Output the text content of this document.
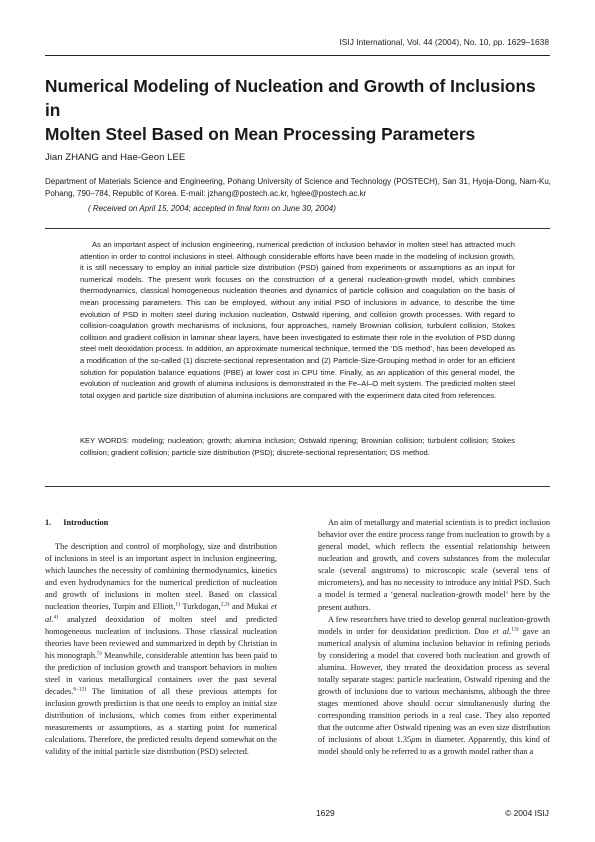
ISIJ International, Vol. 44 (2004), No. 10, pp. 1629–1638
Numerical Modeling of Nucleation and Growth of Inclusions in
Molten Steel Based on Mean Processing Parameters
Jian ZHANG and Hae-Geon LEE
Department of Materials Science and Engineering, Pohang University of Science and Technology (POSTECH), San 31, Hyoja-Dong, Nam-Ku, Pohang, 790–784, Republic of Korea. E-mail: jzhang@postech.ac.kr, hglee@postech.ac.kr
( Received on April 15, 2004; accepted in final form on June 30, 2004)

As an important aspect of inclusion engineering, numerical prediction of inclusion behavior in molten steel has attracted much attention in order to control inclusions in steel. Although considerable efforts have been made in the modeling of inclusion growth, it is still necessary to employ an initial particle size distribution (PSD) gained from experiments or assumptions as an input for numerical models. The present work focuses on the construction of a general nucleation-growth model, which combines thermodynamics, classical homogeneous nucleation theories and dynamics of particle collision and coagulation on the basis of mean processing parameters. This can be employed, without any initial PSD of inclusions in advance, to describe the time evolution of PSD in molten steel during inclusion nucleation, Ostwald ripening, and collision growth processes. With regard to collision-coagulation growth mechanisms of inclusions, four approaches, namely Brownian collision, turbulent collision, Stokes collision and gradient collision in laminar shear layers, have been investigated to estimate their role in the evolution of PSD during steel melt deoxidation process. In addition, an approximate numerical technique, termed the ‘DS method’, has been developed as a modification of the so-called (1) discrete-sectional representation and (2) Particle-Size-Grouping method in order for an efficient solution for population balance equations (PBE) at lower cost in CPU time. Finally, as an application of this general model, the evolution of nucleation and growth of alumina inclusions is demonstrated in the Fe–Al–O melt system. The predicted molten steel total oxygen and particle size distribution of alumina inclusions are compared with the experiment data cited from references.

KEY WORDS: modeling; nucleation; growth; alumina inclusion; Ostwald ripening; Brownian collision; turbulent collision; Stokes collision; gradient collision; particle size distribution (PSD); discrete-sectional representation; DS method.

1. Introduction

The description and control of morphology, size and distribution of inclusions in steel is an important aspect in inclusion engineering, which launches the necessity of combining thermodynamics, kinetics and even hydrodynamics for the numerical prediction of nucleation and growth of inclusions in molten steel. Based on classical nucleation theories, Turpin and Elliott,$^{1)}$ Turkdogan,$^{2,3)}$ and Mukai et al.$^{4)}$ analyzed deoxidation of molten steel and predicted homogeneous nucleation of inclusions. Those classical nucleation theories have been reviewed and summarized in depth by Christian in his monograph.$^{5)}$ Meanwhile, considerable attention has been paid to the prediction of inclusion growth and transport behaviors in molten steel in various metallurgical containers over the past several decades.$^{6-12)}$ The limitation of all these previous attempts for inclusion growth prediction is that one needs to employ an initial size distribution of inclusions, which comes from either experimental measurements or assumptions, as a starting point for numerical calculations. Therefore, the predicted results depend somewhat on the validity of the initial particle size distribution (PSD) selected.

An aim of metallurgy and material scientists is to predict inclusion behavior over the entire process range from nucleation to growth by a general model, which reflects the essential relationship between nucleation and growth, and covers substances from the molecular scale (several angstroms) to microscopic scale (several tens of micrometers), and has no necessity to introduce any initial PSD. Such a model is termed a ‘general nucleation-growth model’ here by the present authors.

A few researchers have tried to develop general nucleation-growth models in order for deoxidation prediction. Doo et al.$^{13)}$ gave an numerical analysis of alumina inclusion behavior in refining periods by considering a model that covered both nucleation and growth of alumina. However, they treated the deoxidation process as several totally separate stages: particle nucleation, Ostwald ripening and the growth of inclusions due to various mechanisms, although the three stages mentioned above should occur simultaneously during the corresponding transition periods in a real case. They also reported that the outcome after Ostwald ripening was an even size distribution of inclusions of about 1.35μm in diameter. Apparently, this kind of model should only be referred to as a growth model rather than a

1629	© 2004 ISIJ
